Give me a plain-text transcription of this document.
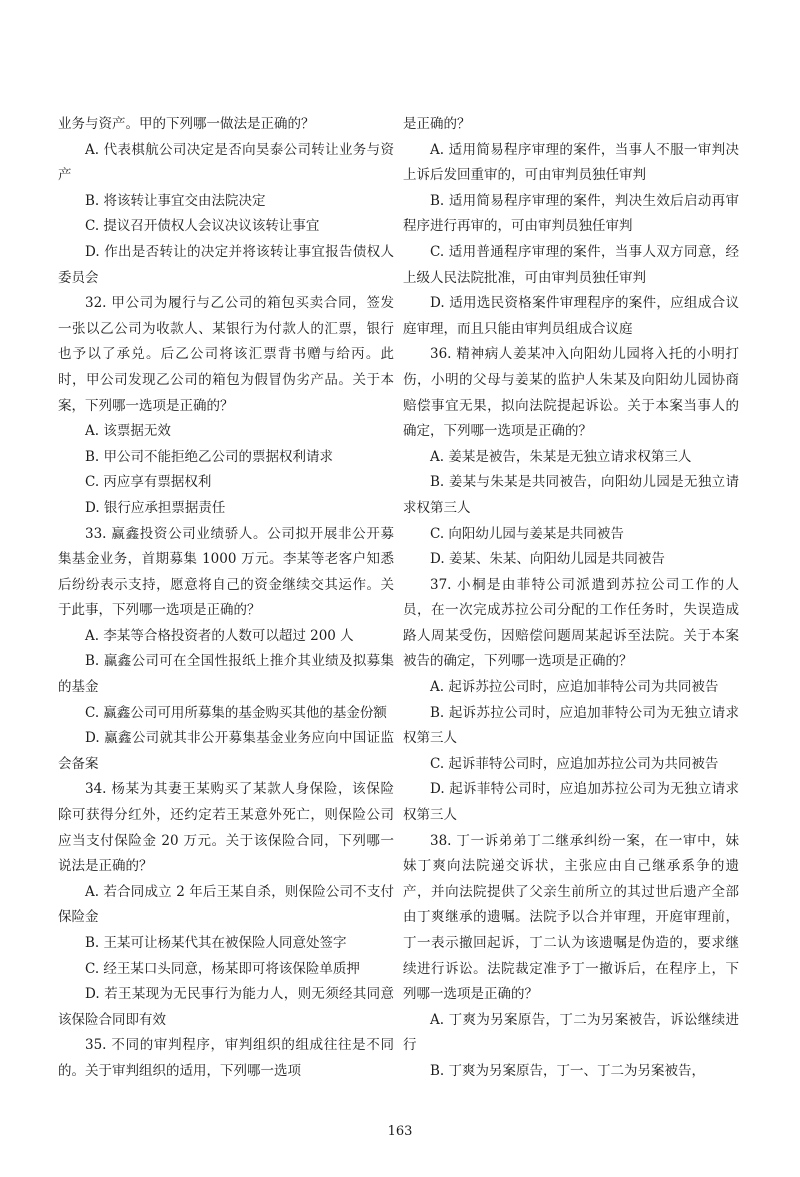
业务与资产。甲的下列哪一做法是正确的？

A. 代表棋航公司决定是否向昊泰公司转让业务与资产

B. 将该转让事宜交由法院决定

C. 提议召开债权人会议决议该转让事宜

D. 作出是否转让的决定并将该转让事宜报告债权人委员会

32. 甲公司为履行与乙公司的箱包买卖合同，签发一张以乙公司为收款人、某银行为付款人的汇票，银行也予以了承兑。后乙公司将该汇票背书赠与给丙。此时，甲公司发现乙公司的箱包为假冒伪劣产品。关于本案，下列哪一选项是正确的？

A. 该票据无效

B. 甲公司不能拒绝乙公司的票据权利请求

C. 丙应享有票据权利

D. 银行应承担票据责任

33. 赢鑫投资公司业绩骄人。公司拟开展非公开募集基金业务，首期募集 1000 万元。李某等老客户知悉后纷纷表示支持，愿意将自己的资金继续交其运作。关于此事，下列哪一选项是正确的？

A. 李某等合格投资者的人数可以超过 200 人

B. 赢鑫公司可在全国性报纸上推介其业绩及拟募集的基金

C. 赢鑫公司可用所募集的基金购买其他的基金份额

D. 赢鑫公司就其非公开募集基金业务应向中国证监会备案

34. 杨某为其妻王某购买了某款人身保险，该保险除可获得分红外，还约定若王某意外死亡，则保险公司应当支付保险金 20 万元。关于该保险合同，下列哪一说法是正确的？

A. 若合同成立 2 年后王某自杀，则保险公司不支付保险金

B. 王某可让杨某代其在被保险人同意处签字

C. 经王某口头同意，杨某即可将该保险单质押

D. 若王某现为无民事行为能力人，则无须经其同意该保险合同即有效

35. 不同的审判程序，审判组织的组成往往是不同的。关于审判组织的适用，下列哪一选项

是正确的？

A. 适用简易程序审理的案件，当事人不服一审判决上诉后发回重审的，可由审判员独任审判

B. 适用简易程序审理的案件，判决生效后启动再审程序进行再审的，可由审判员独任审判

C. 适用普通程序审理的案件，当事人双方同意，经上级人民法院批准，可由审判员独任审判

D. 适用选民资格案件审理程序的案件，应组成合议庭审理，而且只能由审判员组成合议庭

36. 精神病人姜某冲入向阳幼儿园将入托的小明打伤，小明的父母与姜某的监护人朱某及向阳幼儿园协商赔偿事宜无果，拟向法院提起诉讼。关于本案当事人的确定，下列哪一选项是正确的？

A. 姜某是被告，朱某是无独立请求权第三人

B. 姜某与朱某是共同被告，向阳幼儿园是无独立请求权第三人

C. 向阳幼儿园与姜某是共同被告

D. 姜某、朱某、向阳幼儿园是共同被告

37. 小桐是由菲特公司派遣到苏拉公司工作的人员，在一次完成苏拉公司分配的工作任务时，失误造成路人周某受伤，因赔偿问题周某起诉至法院。关于本案被告的确定，下列哪一选项是正确的？

A. 起诉苏拉公司时，应追加菲特公司为共同被告

B. 起诉苏拉公司时，应追加菲特公司为无独立请求权第三人

C. 起诉菲特公司时，应追加苏拉公司为共同被告

D. 起诉菲特公司时，应追加苏拉公司为无独立请求权第三人

38. 丁一诉弟弟丁二继承纠纷一案，在一审中，妹妹丁爽向法院递交诉状，主张应由自己继承系争的遗产，并向法院提供了父亲生前所立的其过世后遗产全部由丁爽继承的遗嘱。法院予以合并审理，开庭审理前，丁一表示撤回起诉，丁二认为该遗嘱是伪造的，要求继续进行诉讼。法院裁定准予丁一撤诉后，在程序上，下列哪一选项是正确的？

A. 丁爽为另案原告，丁二为另案被告，诉讼继续进行

B. 丁爽为另案原告，丁一、丁二为另案被告，

163
